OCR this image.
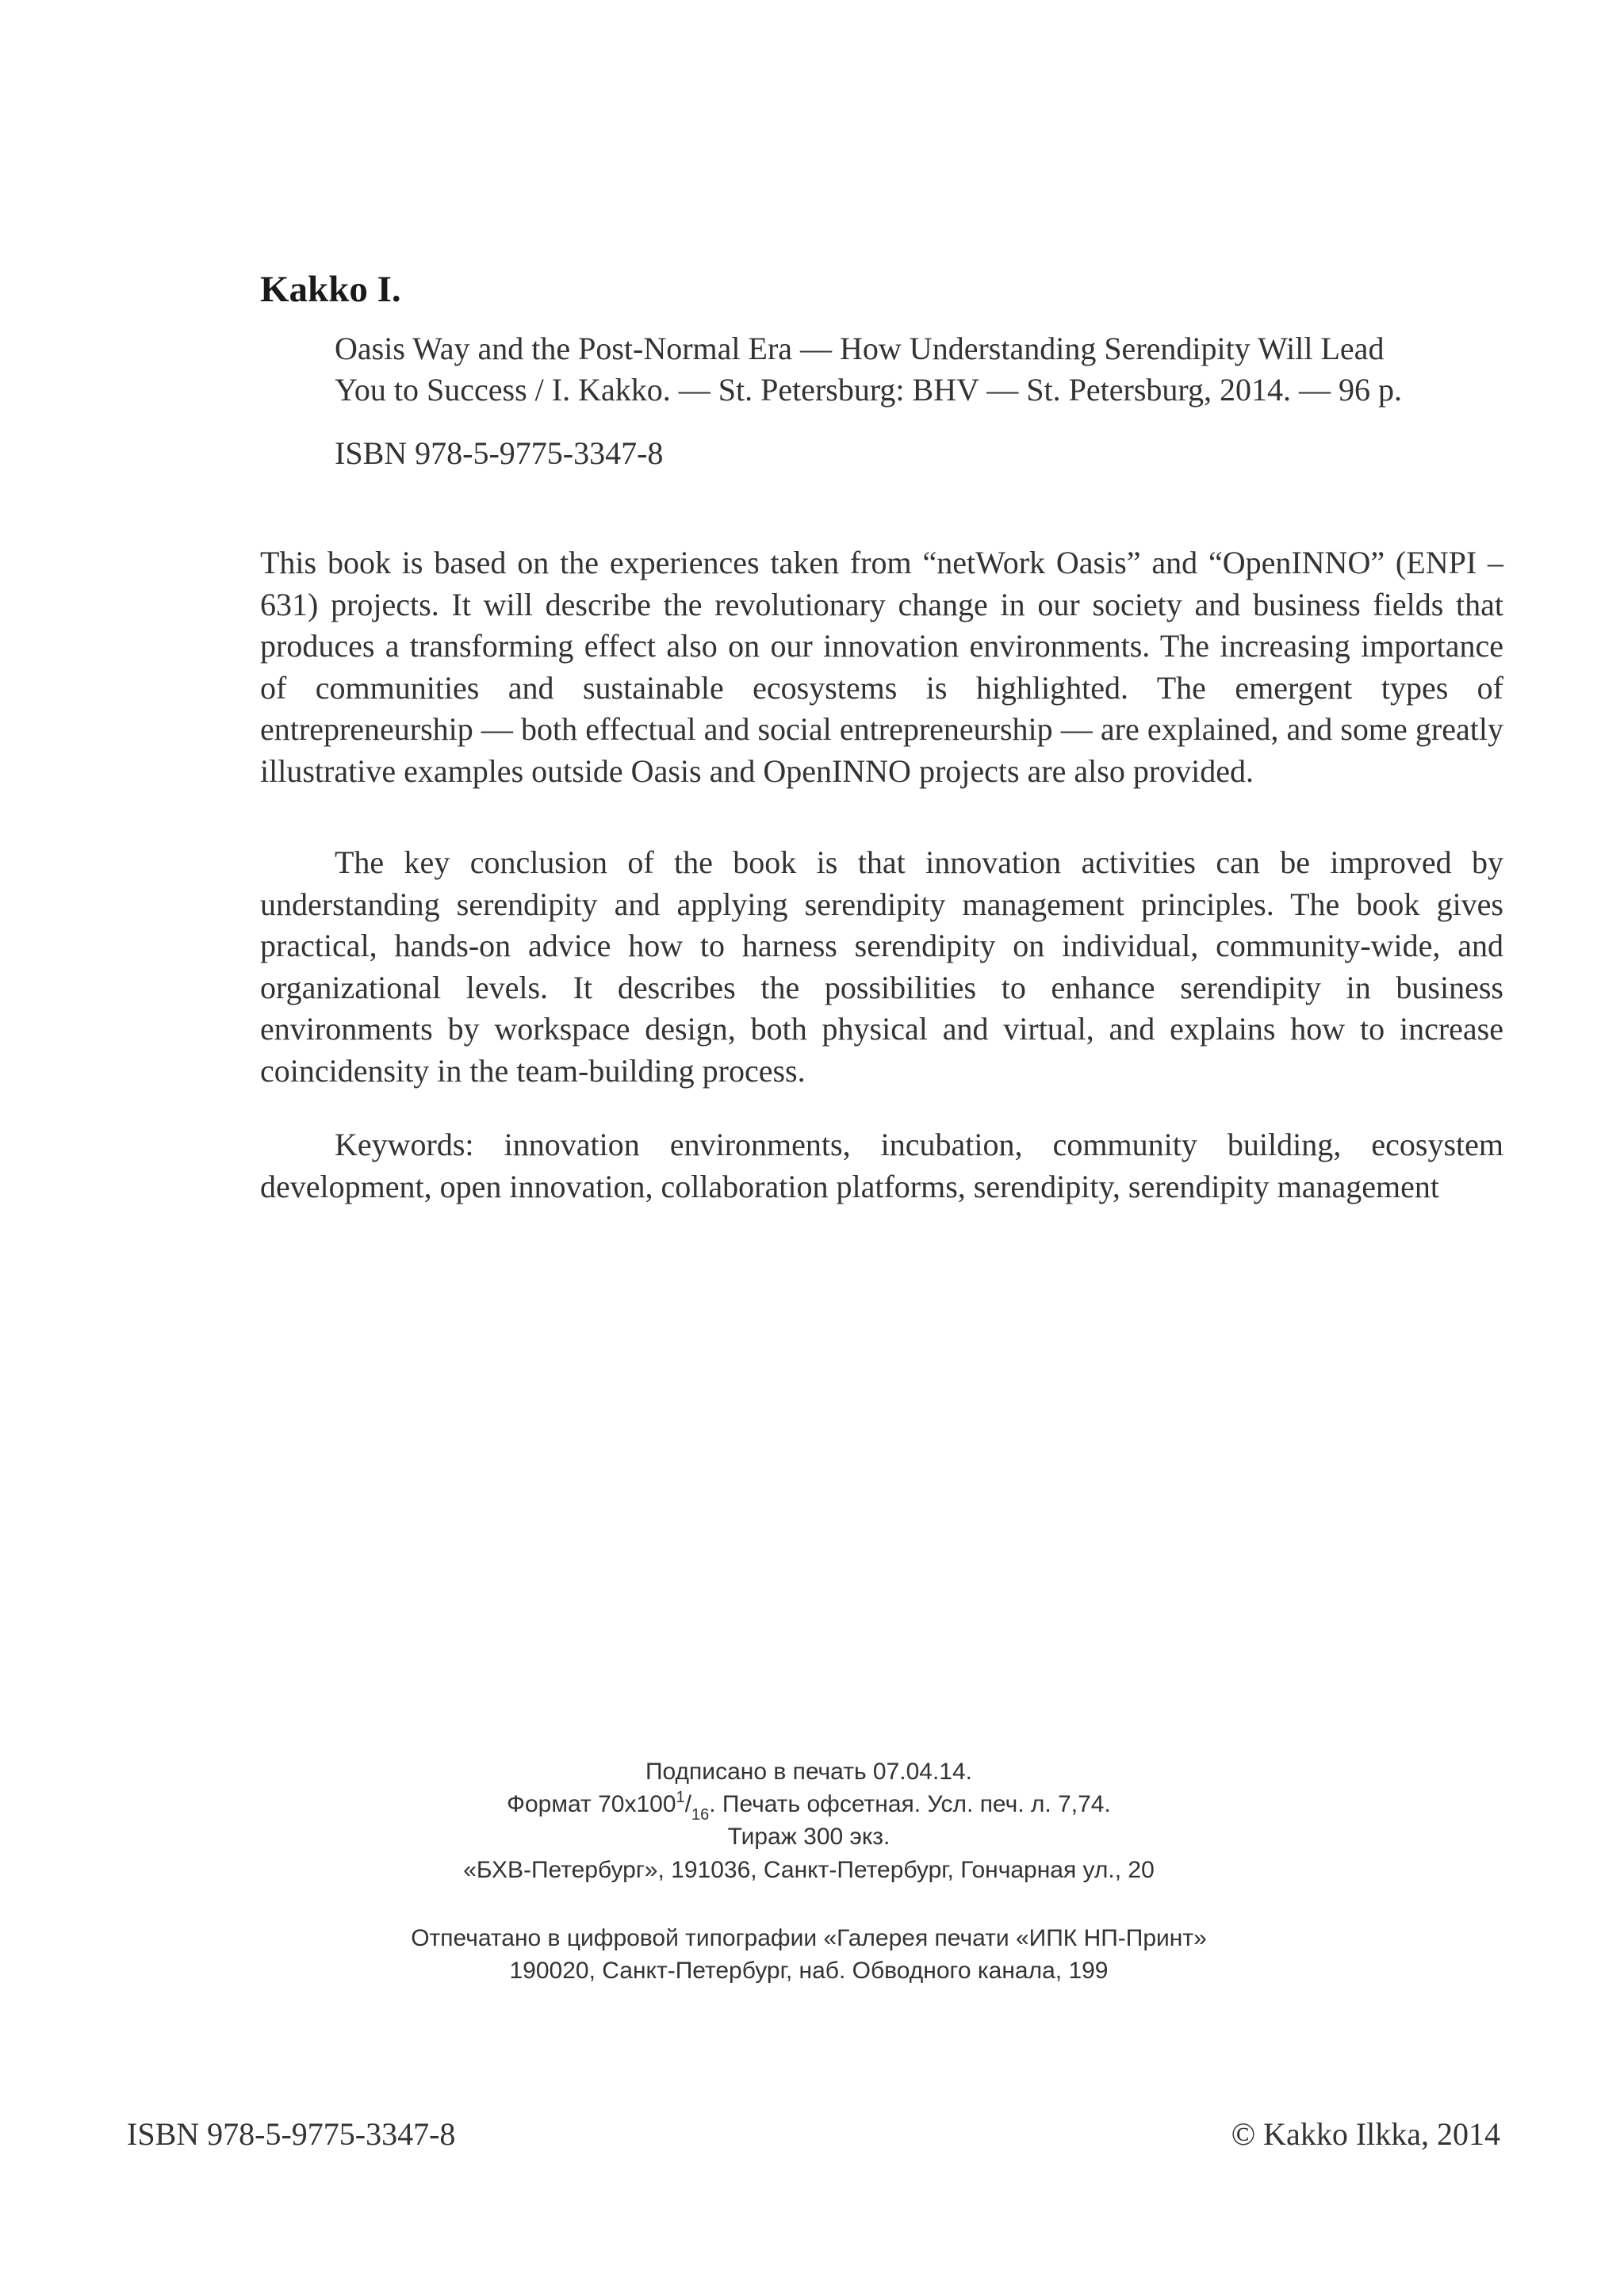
Kakko I.
Oasis Way and the Post-Normal Era — How Understanding Serendipity Will Lead
You to Success / I. Kakko. — St. Petersburg: BHV — St. Petersburg, 2014. — 96 p.
ISBN 978-5-9775-3347-8

This book is based on the experiences taken from “netWork Oasis” and “OpenINNO” (ENPI – 631) projects. It will describe the revolutionary change in our society and business fields that produces a transforming effect also on our innovation environments. The increasing importance of communities and sustainable ecosystems is highlighted. The emergent types of entrepreneurship — both effectual and social entrepreneurship — are explained, and some greatly illustrative examples outside Oasis and OpenINNO projects are also provided.

The key conclusion of the book is that innovation activities can be improved by understanding serendipity and applying serendipity management principles. The book gives practical, hands-on advice how to harness serendipity on individual, community-wide, and organizational levels. It describes the possibilities to enhance serendipity in business environments by workspace design, both physical and virtual, and explains how to increase coincidensity in the team-building process.

Keywords: innovation environments, incubation, community building, ecosystem development, open innovation, collaboration platforms, serendipity, serendipity management

Подписано в печать 07.04.14.
Формат $70x100^1/_{16}$. Печать офсетная. Усл. печ. л. 7,74.
Тираж 300 экз.
«БХВ-Петербург», 191036, Санкт-Петербург, Гончарная ул., 20
Отпечатано в цифровой типографии «Галерея печати «ИПК НП-Принт»
190020, Санкт-Петербург, наб. Обводного канала, 199
ISBN 978-5-9775-3347-8	© Kakko Ilkka, 2014
